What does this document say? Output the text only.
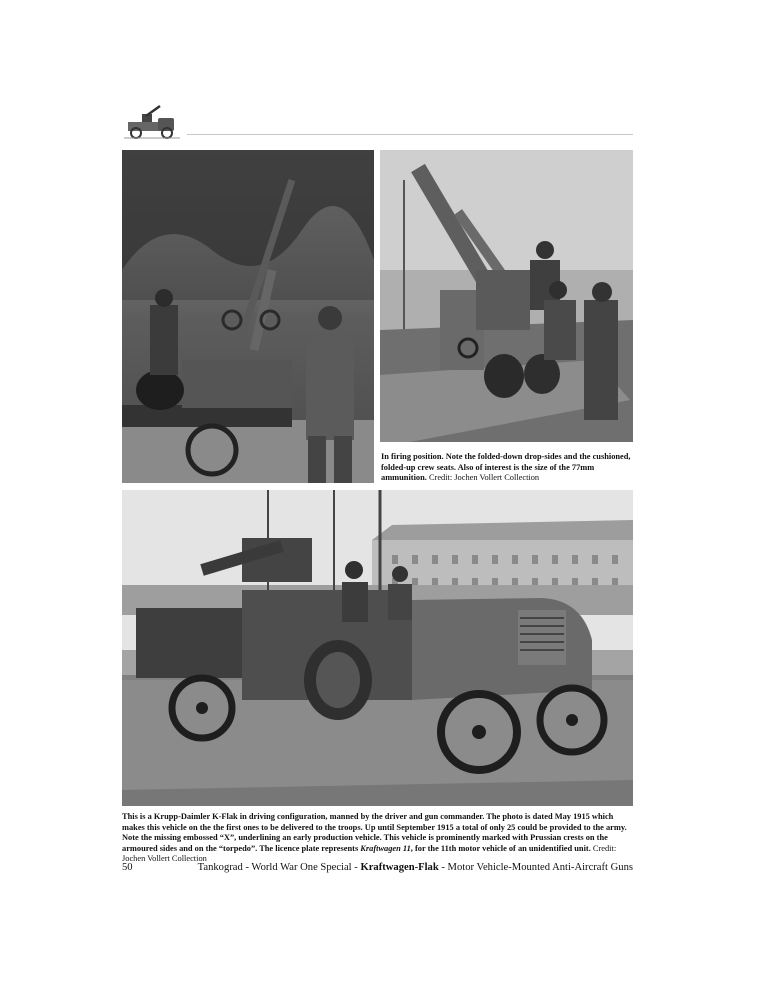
In firing position. Note the folded-down drop-sides and the cushioned, folded-up crew seats. Also of interest is the size of the 77mm ammunition. Credit: Jochen Vollert Collection
This is a Krupp-Daimler K-Flak in driving configuration, manned by the driver and gun commander. The photo is dated May 1915 which makes this vehicle on the the first ones to be delivered to the troops. Up until September 1915 a total of only 25 could be provided to the army. Note the missing embossed “X”, underlining an early production vehicle. This vehicle is prominently marked with Prussian crests on the armoured sides and on the “torpedo”. The licence plate represents Kraftwagen 11, for the 11th motor vehicle of an unidentified unit. Credit: Jochen Vollert Collection
50	Tankograd - World War One Special - Kraftwagen-Flak - Motor Vehicle-Mounted Anti-Aircraft Guns
